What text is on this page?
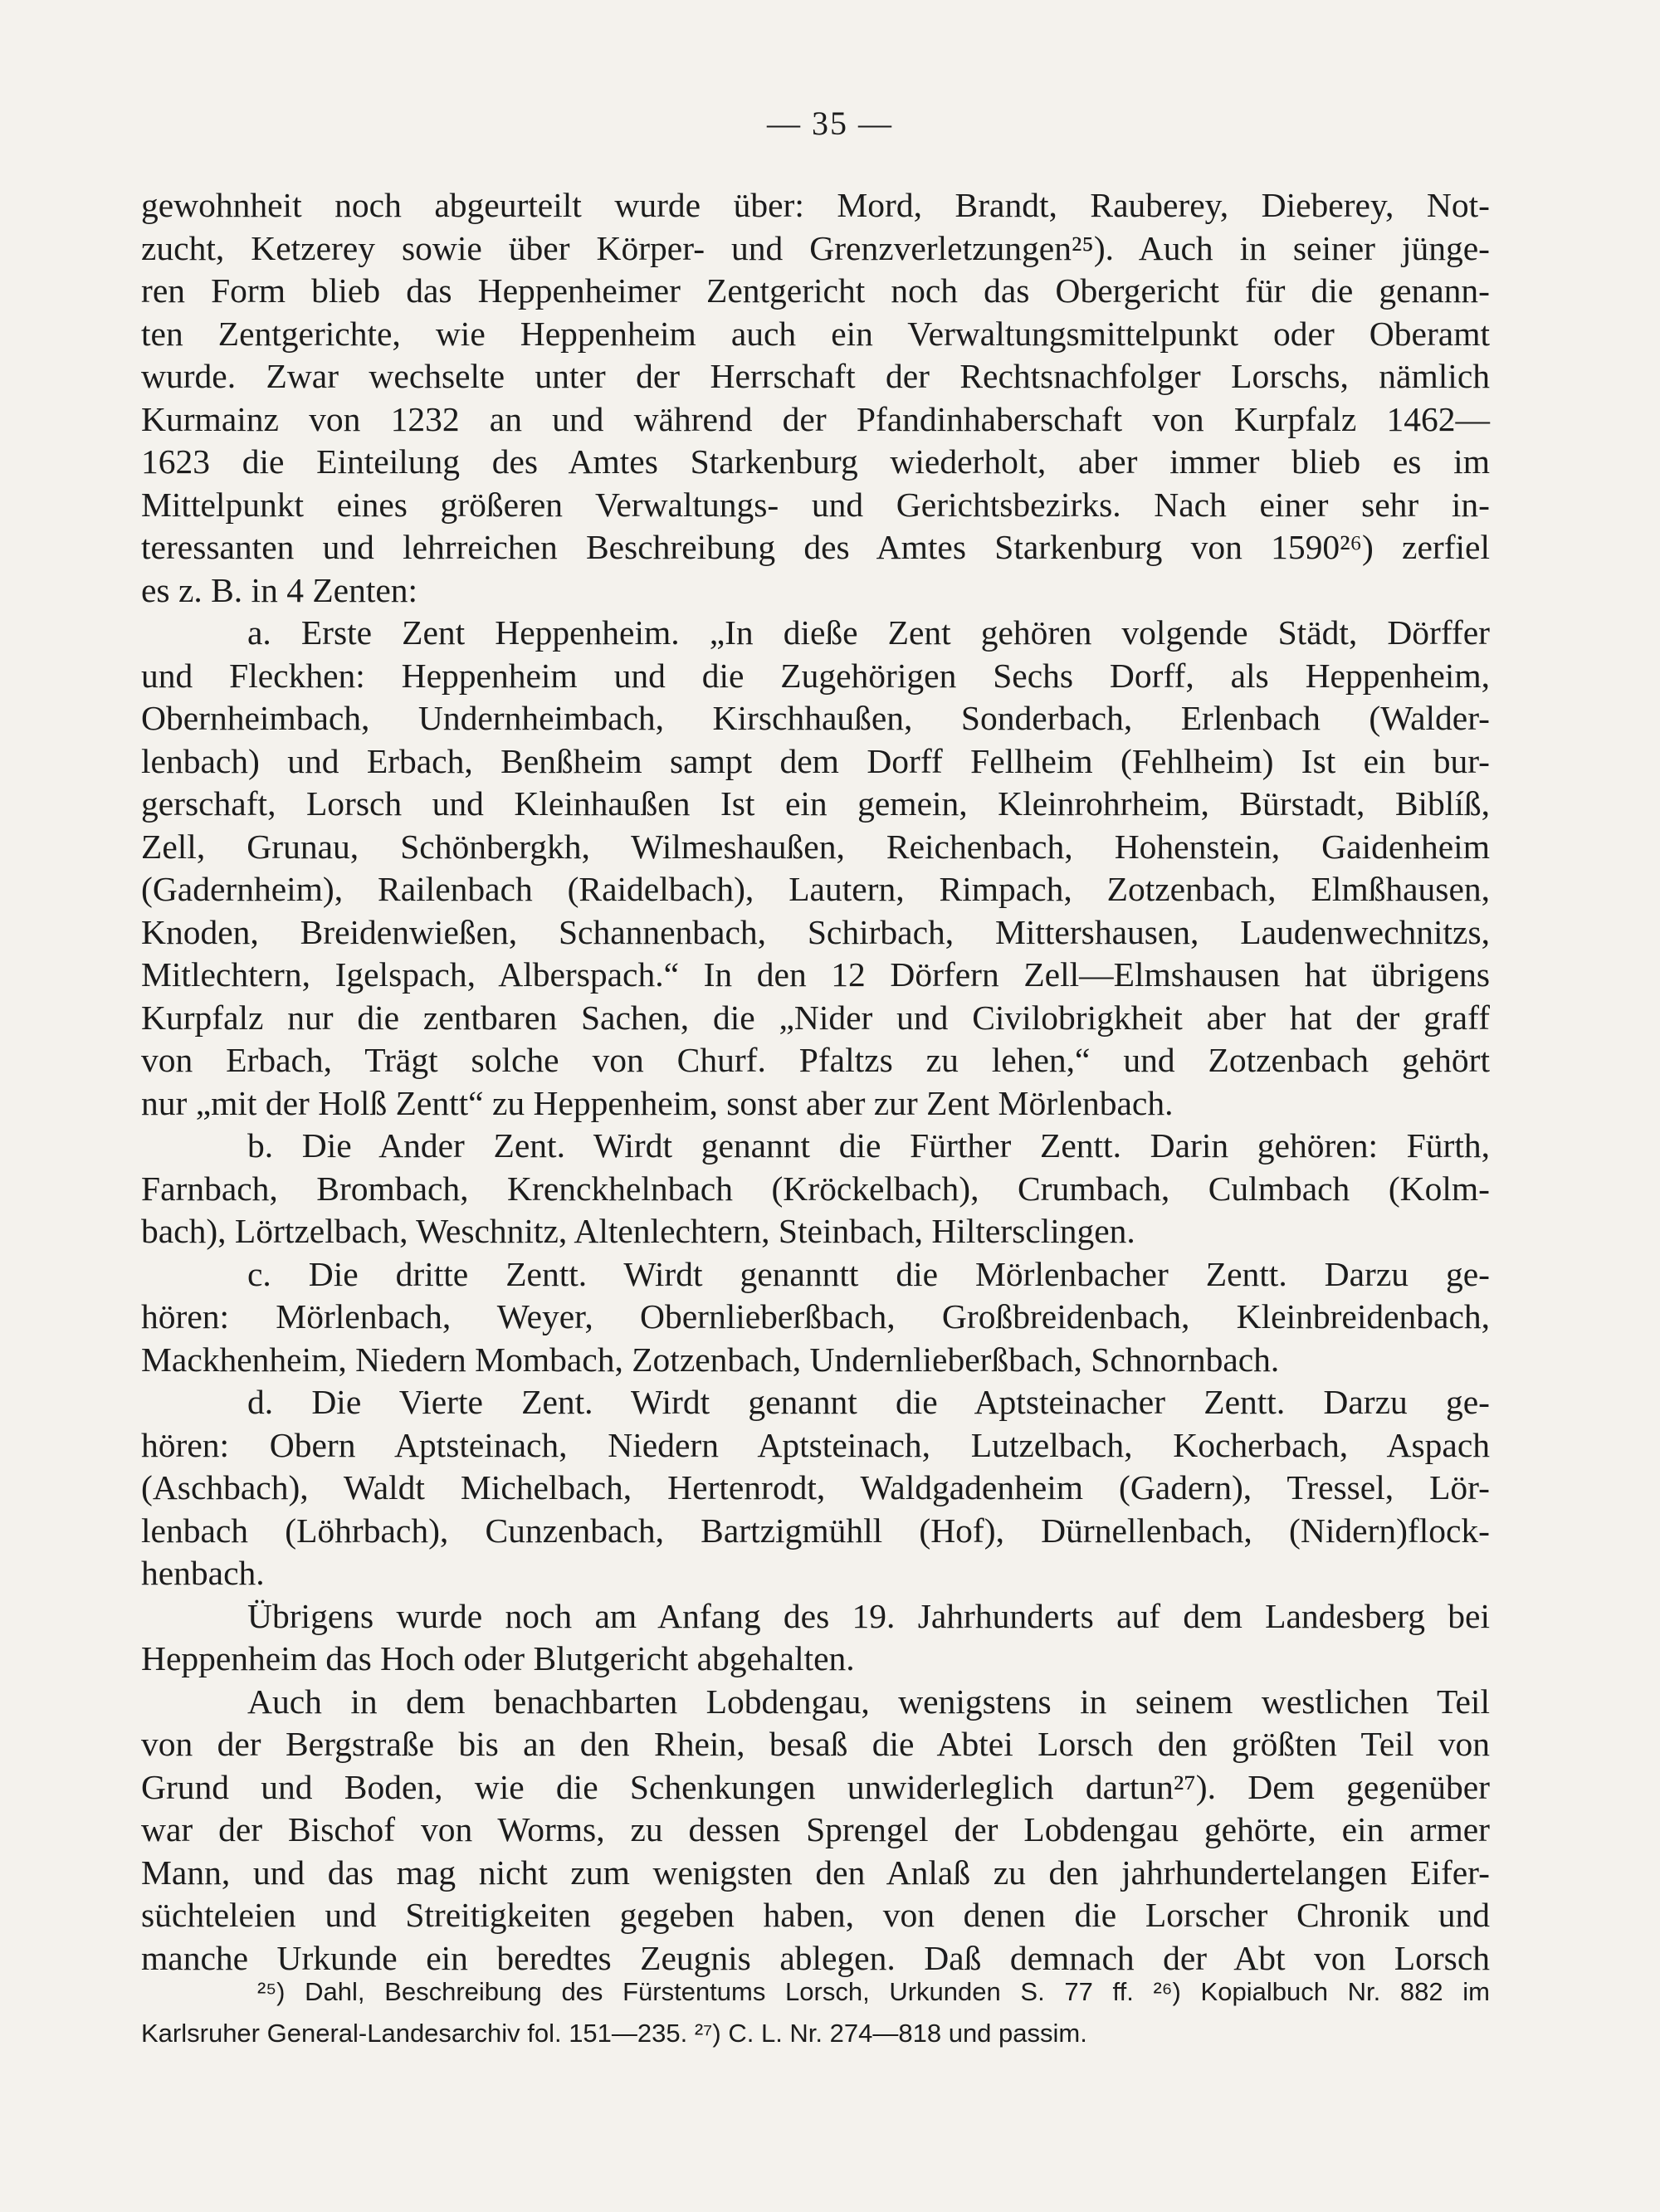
— 35 —
gewohnheit noch abgeurteilt wurde über: Mord, Brandt, Rauberey, Dieberey, Not-
zucht, Ketzerey sowie über Körper- und Grenzverletzungen²⁵). Auch in seiner jünge-
ren Form blieb das Heppenheimer Zentgericht noch das Obergericht für die genann-
ten Zentgerichte, wie Heppenheim auch ein Verwaltungsmittelpunkt oder Oberamt
wurde. Zwar wechselte unter der Herrschaft der Rechtsnachfolger Lorschs, nämlich
Kurmainz von 1232 an und während der Pfandinhaberschaft von Kurpfalz 1462—
1623 die Einteilung des Amtes Starkenburg wiederholt, aber immer blieb es im
Mittelpunkt eines größeren Verwaltungs- und Gerichtsbezirks. Nach einer sehr in-
teressanten und lehrreichen Beschreibung des Amtes Starkenburg von 1590²⁶) zerfiel
es z. B. in 4 Zenten:
a. Erste Zent Heppenheim. „In dieße Zent gehören volgende Städt, Dörffer
und Fleckhen: Heppenheim und die Zugehörigen Sechs Dorff, als Heppenheim,
Obernheimbach, Undernheimbach, Kirschhaußen, Sonderbach, Erlenbach (Walder-
lenbach) und Erbach, Benßheim sampt dem Dorff Fellheim (Fehlheim) Ist ein bur-
gerschaft, Lorsch und Kleinhaußen Ist ein gemein, Kleinrohrheim, Bürstadt, Biblíß,
Zell, Grunau, Schönbergkh, Wilmeshaußen, Reichenbach, Hohenstein, Gaidenheim
(Gadernheim), Railenbach (Raidelbach), Lautern, Rimpach, Zotzenbach, Elmßhausen,
Knoden, Breidenwießen, Schannenbach, Schirbach, Mittershausen, Laudenwechnitzs,
Mitlechtern, Igelspach, Alberspach.“ In den 12 Dörfern Zell—Elmshausen hat übrigens
Kurpfalz nur die zentbaren Sachen, die „Nider und Civilobrigkheit aber hat der graff
von Erbach, Trägt solche von Churf. Pfaltzs zu lehen,“ und Zotzenbach gehört
nur „mit der Holß Zentt“ zu Heppenheim, sonst aber zur Zent Mörlenbach.
b. Die Ander Zent. Wirdt genannt die Fürther Zentt. Darin gehören: Fürth,
Farnbach, Brombach, Krenckhelnbach (Kröckelbach), Crumbach, Culmbach (Kolm-
bach), Lörtzelbach, Weschnitz, Altenlechtern, Steinbach, Hiltersclingen.
c. Die dritte Zentt. Wirdt genanntt die Mörlenbacher Zentt. Darzu ge-
hören: Mörlenbach, Weyer, Obernlieberßbach, Großbreidenbach, Kleinbreidenbach,
Mackhenheim, Niedern Mombach, Zotzenbach, Undernlieberßbach, Schnornbach.
d. Die Vierte Zent. Wirdt genannt die Aptsteinacher Zentt. Darzu ge-
hören: Obern Aptsteinach, Niedern Aptsteinach, Lutzelbach, Kocherbach, Aspach
(Aschbach), Waldt Michelbach, Hertenrodt, Waldgadenheim (Gadern), Tressel, Lör-
lenbach (Löhrbach), Cunzenbach, Bartzigmühll (Hof), Dürnellenbach, (Nidern)flock-
henbach.
Übrigens wurde noch am Anfang des 19. Jahrhunderts auf dem Landesberg bei
Heppenheim das Hoch oder Blutgericht abgehalten.
Auch in dem benachbarten Lobdengau, wenigstens in seinem westlichen Teil
von der Bergstraße bis an den Rhein, besaß die Abtei Lorsch den größten Teil von
Grund und Boden, wie die Schenkungen unwiderleglich dartun²⁷). Dem gegenüber
war der Bischof von Worms, zu dessen Sprengel der Lobdengau gehörte, ein armer
Mann, und das mag nicht zum wenigsten den Anlaß zu den jahrhundertelangen Eifer-
süchteleien und Streitigkeiten gegeben haben, von denen die Lorscher Chronik und
manche Urkunde ein beredtes Zeugnis ablegen. Daß demnach der Abt von Lorsch
²⁵) Dahl, Beschreibung des Fürstentums Lorsch, Urkunden S. 77 ff. ²⁶) Kopialbuch Nr. 882 im
Karlsruher General-Landesarchiv fol. 151—235. ²⁷) C. L. Nr. 274—818 und passim.
